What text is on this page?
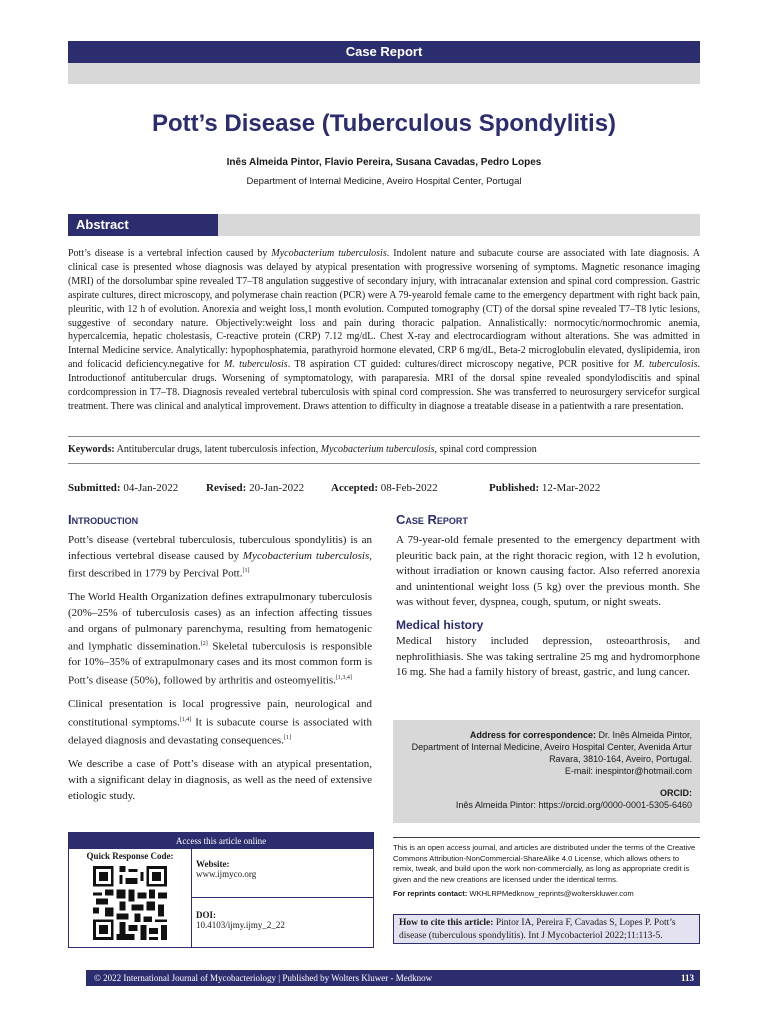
Case Report
Pott’s Disease (Tuberculous Spondylitis)
Inês Almeida Pintor, Flavio Pereira, Susana Cavadas, Pedro Lopes
Department of Internal Medicine, Aveiro Hospital Center, Portugal
Abstract
Pott’s disease is a vertebral infection caused by Mycobacterium tuberculosis. Indolent nature and subacute course are associated with late diagnosis. A clinical case is presented whose diagnosis was delayed by atypical presentation with progressive worsening of symptoms. Magnetic resonance imaging (MRI) of the dorsolumbar spine revealed T7–T8 angulation suggestive of secondary injury, with intracanalar extension and spinal cord compression. Gastric aspirate cultures, direct microscopy, and polymerase chain reaction (PCR) were A 79-yearold female came to the emergency department with right back pain, pleuritic, with 12 h of evolution. Anorexia and weight loss,1 month evolution. Computed tomography (CT) of the dorsal spine revealed T7–T8 lytic lesions, suggestive of secondary nature. Objectively:weight loss and pain during thoracic palpation. Annalistically: normocytic/normochromic anemia, hypercalcemia, hepatic cholestasis, C-reactive protein (CRP) 7.12 mg/dL. Chest X-ray and electrocardiogram without alterations. She was admitted in Internal Medicine service. Analytically: hypophosphatemia, parathyroid hormone elevated, CRP 6 mg/dL, Beta-2 microglobulin elevated, dyslipidemia, iron and folicacid deficiency.negative for M. tuberculosis. T8 aspiration CT guided: cultures/direct microscopy negative, PCR positive for M. tuberculosis. Introductionof antitubercular drugs. Worsening of symptomatology, with paraparesia. MRI of the dorsal spine revealed spondylodiscitis and spinal cordcompression in T7–T8. Diagnosis revealed vertebral tuberculosis with spinal cord compression. She was transferred to neurosurgery servicefor surgical treatment. There was clinical and analytical improvement. Draws attention to difficulty in diagnose a treatable disease in a patientwith a rare presentation.
Keywords: Antitubercular drugs, latent tuberculosis infection, Mycobacterium tuberculosis, spinal cord compression
Submitted: 04-Jan-2022	Revised: 20-Jan-2022 Accepted: 08-Feb-2022	Published: 12-Mar-2022
Introduction

Pott’s disease (vertebral tuberculosis, tuberculous spondylitis) is an infectious vertebral disease caused by Mycobacterium tuberculosis, first described in 1779 by Percival Pott.[1]

The World Health Organization defines extrapulmonary tuberculosis (20%–25% of tuberculosis cases) as an infection affecting tissues and organs of pulmonary parenchyma, resulting from hematogenic and lymphatic dissemination.[2] Skeletal tuberculosis is responsible for 10%–35% of extrapulmonary cases and its most common form is Pott’s disease (50%), followed by arthritis and osteomyelitis.[1,3,4]

Clinical presentation is local progressive pain, neurological and constitutional symptoms.[1,4] It is subacute course is associated with delayed diagnosis and devastating consequences.[1]

We describe a case of Pott’s disease with an atypical presentation, with a significant delay in diagnosis, as well as the need of extensive etiologic study.

Case Report

A 79-year-old female presented to the emergency department with pleuritic back pain, at the right thoracic region, with 12 h evolution, without irradiation or known causing factor. Also referred anorexia and unintentional weight loss (5 kg) over the previous month. She was without fever, dyspnea, cough, sputum, or night sweats.

Medical history

Medical history included depression, osteoarthrosis, and nephrolithiasis. She was taking sertraline 25 mg and hydromorphone 16 mg. She had a family history of breast, gastric, and lung cancer.

Access this article online
Quick Response Code:
Website:
www.ijmyco.org
DOI:
10.4103/ijmy.ijmy_2_22
Address for correspondence: Dr. Inês Almeida Pintor,
Department of Internal Medicine, Aveiro Hospital Center, Avenida Artur
Ravara, 3810-164, Aveiro, Portugal.
E-mail: inespintor@hotmail.com
ORCID:
Inês Almeida Pintor: https://orcid.org/0000-0001-5305-6460
This is an open access journal, and articles are distributed under the terms of the Creative Commons Attribution-NonCommercial-ShareAlike 4.0 License, which allows others to remix, tweak, and build upon the work non-commercially, as long as appropriate credit is given and the new creations are licensed under the identical terms.
For reprints contact: WKHLRPMedknow_reprints@wolterskluwer.com
How to cite this article: Pintor IA, Pereira F, Cavadas S, Lopes P. Pott’s disease (tuberculous spondylitis). Int J Mycobacteriol 2022;11:113-5.
© 2022 International Journal of Mycobacteriology | Published by Wolters Kluwer - Medknow	113
